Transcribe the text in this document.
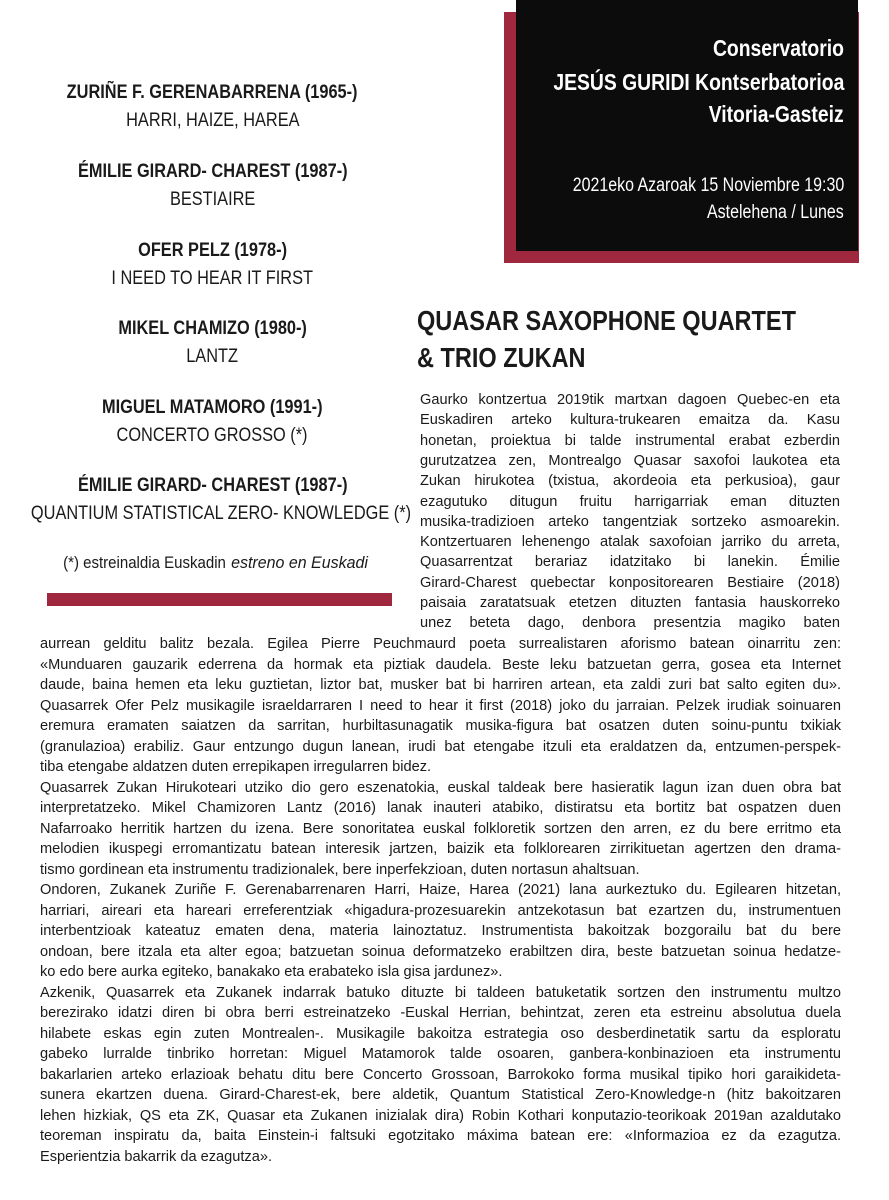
Conservatorio
JESÚS GURIDI Kontserbatorioa
Vitoria-Gasteiz
2021eko Azaroak 15 Noviembre 19:30
Astelehena / Lunes
ZURIÑE F. GERENABARRENA (1965-)
HARRI, HAIZE, HAREA
ÉMILIE GIRARD- CHAREST (1987-)
BESTIAIRE
OFER PELZ (1978-)
I NEED TO HEAR IT FIRST
MIKEL CHAMIZO (1980-)
LANTZ
MIGUEL MATAMORO (1991-)
CONCERTO GROSSO (*)
ÉMILIE GIRARD- CHAREST (1987-)
QUANTIUM STATISTICAL ZERO- KNOWLEDGE (*)
(*) estreinaldia Euskadinestreno en Euskadi
QUASAR SAXOPHONE QUARTET
& TRIO ZUKAN
Gaurko kontzertua 2019tik martxan dagoen Quebec-en eta
Euskadiren arteko kultura-trukearen emaitza da. Kasu
honetan, proiektua bi talde instrumental erabat ezberdin
gurutzatzea zen, Montrealgo Quasar saxofoi laukotea eta
Zukan hirukotea (txistua, akordeoia eta perkusioa), gaur
ezagutuko ditugun fruitu harrigarriak eman dituzten
musika-tradizioen arteko tangentziak sortzeko asmoarekin.
Kontzertuaren lehenengo atalak saxofoian jarriko du arreta,
Quasarrentzat berariaz idatzitako bi lanekin. Émilie
Girard-Charest quebectar konpositorearen Bestiaire (2018)
paisaia zaratatsuak etetzen dituzten fantasia hauskorreko
unez beteta dago, denbora presentzia magiko baten
aurrean gelditu balitz bezala. Egilea Pierre Peuchmaurd poeta surrealistaren aforismo batean oinarritu zen:
«Munduaren gauzarik ederrena da hormak eta piztiak daudela. Beste leku batzuetan gerra, gosea eta Internet
daude, baina hemen eta leku guztietan, liztor bat, musker bat bi harriren artean, eta zaldi zuri bat salto egiten du».
Quasarrek Ofer Pelz musikagile israeldarraren I need to hear it first (2018) joko du jarraian. Pelzek irudiak soinuaren
eremura eramaten saiatzen da sarritan, hurbiltasunagatik musika-figura bat osatzen duten soinu-puntu txikiak
(granulazioa) erabiliz. Gaur entzungo dugun lanean, irudi bat etengabe itzuli eta eraldatzen da, entzumen-perspek-
tiba etengabe aldatzen duten errepikapen irregularren bidez.
Quasarrek Zukan Hirukoteari utziko dio gero eszenatokia, euskal taldeak bere hasieratik lagun izan duen obra bat
interpretatzeko. Mikel Chamizoren Lantz (2016) lanak inauteri atabiko, distiratsu eta bortitz bat ospatzen duen
Nafarroako herritik hartzen du izena. Bere sonoritatea euskal folkloretik sortzen den arren, ez du bere erritmo eta
melodien ikuspegi erromantizatu batean interesik jartzen, baizik eta folklorearen zirrikituetan agertzen den drama-
tismo gordinean eta instrumentu tradizionalek, bere inperfekzioan, duten nortasun ahaltsuan.
Ondoren, Zukanek Zuriñe F. Gerenabarrenaren Harri, Haize, Harea (2021) lana aurkeztuko du. Egilearen hitzetan,
harriari, aireari eta hareari erreferentziak «higadura-prozesuarekin antzekotasun bat ezartzen du, instrumentuen
interbentzioak kateatuz ematen dena, materia lainoztatuz. Instrumentista bakoitzak bozgorailu bat du bere
ondoan, bere itzala eta alter egoa; batzuetan soinua deformatzeko erabiltzen dira, beste batzuetan soinua hedatze-
ko edo bere aurka egiteko, banakako eta erabateko isla gisa jardunez».
Azkenik, Quasarrek eta Zukanek indarrak batuko dituzte bi taldeen batuketatik sortzen den instrumentu multzo
berezirako idatzi diren bi obra berri estreinatzeko -Euskal Herrian, behintzat, zeren eta estreinu absolutua duela
hilabete eskas egin zuten Montrealen-. Musikagile bakoitza estrategia oso desberdinetatik sartu da esploratu
gabeko lurralde tinbriko horretan: Miguel Matamorok talde osoaren, ganbera-konbinazioen eta instrumentu
bakarlarien arteko erlazioak behatu ditu bere Concerto Grossoan, Barrokoko forma musikal tipiko hori garaikideta-
sunera ekartzen duena. Girard-Charest-ek, bere aldetik, Quantum Statistical Zero-Knowledge-n (hitz bakoitzaren
lehen hizkiak, QS eta ZK, Quasar eta Zukanen inizialak dira) Robin Kothari konputazio-teorikoak 2019an azaldutako
teoreman inspiratu da, baita Einstein-i faltsuki egotzitako máxima batean ere: «Informazioa ez da ezagutza.
Esperientzia bakarrik da ezagutza».
